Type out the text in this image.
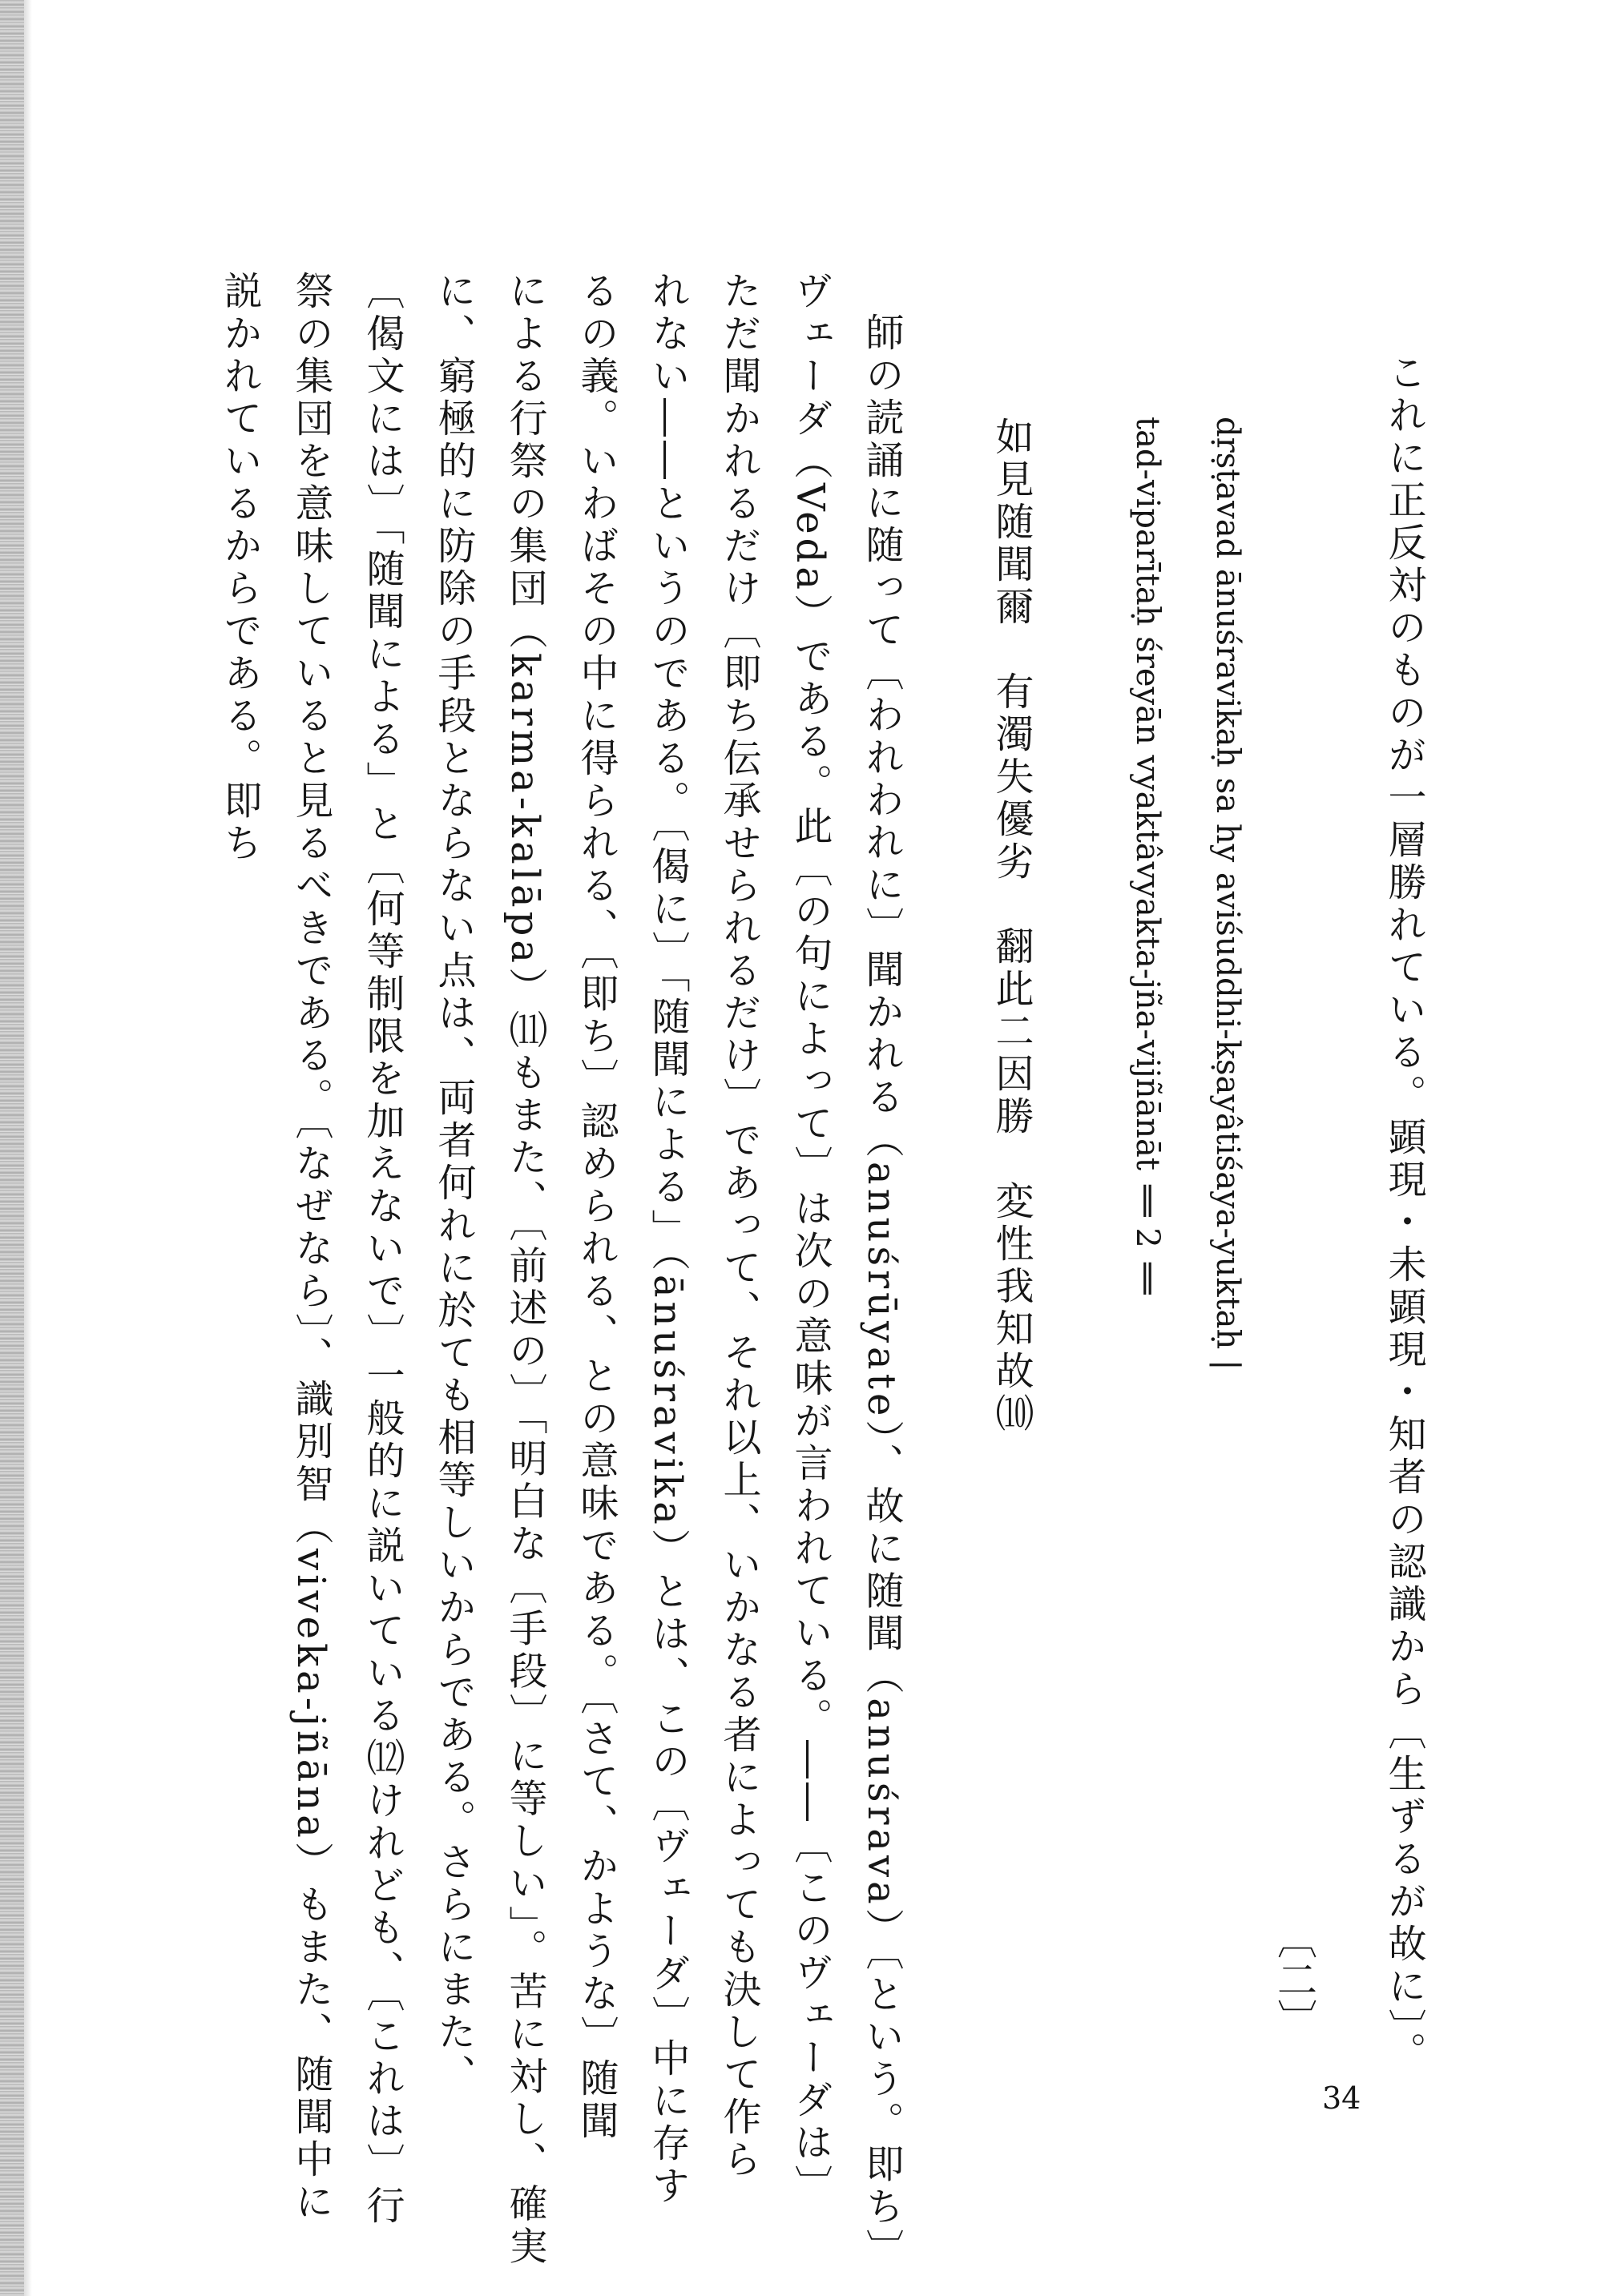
〔二〕 これに正反対のものが一層勝れている。顕現・未顕現・知者の認識から〔生ずるが故に〕。
dṛṣṭavad ānuśravikaḥ sa hy aviśuddhi-kṣayâtiśaya-yuktaḥ |
tad-viparītaḥ śreyān vyaktâvyakta-jña-vijñānāt ‖ 2 ‖
如見随聞爾　有濁失優劣　翻此二因勝　変性我知故⑽
師の読誦に随って〔われわれに〕聞かれる（anuśrūyate）、故に随聞（anuśrava）〔という。即ち〕
ヴェーダ（Veda）である。此〔の句によって〕は次の意味が言われている。――〔このヴェーダは〕
ただ聞かれるだけ〔即ち伝承せられるだけ〕であって、それ以上、いかなる者によっても決して作ら
れない――というのである。〔偈に〕「随聞による」（ānuśravika）とは、この〔ヴェーダ〕中に存す
るの義。いわばその中に得られる、〔即ち〕認められる、との意味である。〔さて、かような〕随聞
による行祭の集団（karma-kalāpa）⑾もまた、〔前述の〕「明白な〔手段〕に等しい」。苦に対し、確実
に、窮極的に防除の手段とならない点は、両者何れに於ても相等しいからである。さらにまた、
〔偈文には〕「随聞による」と〔何等制限を加えないで〕一般的に説いている⑿けれども、〔これは〕行
祭の集団を意味していると見るべきである。〔なぜなら〕、識別智（viveka-jñāna）もまた、随聞中に
説かれているからである。即ち
34
